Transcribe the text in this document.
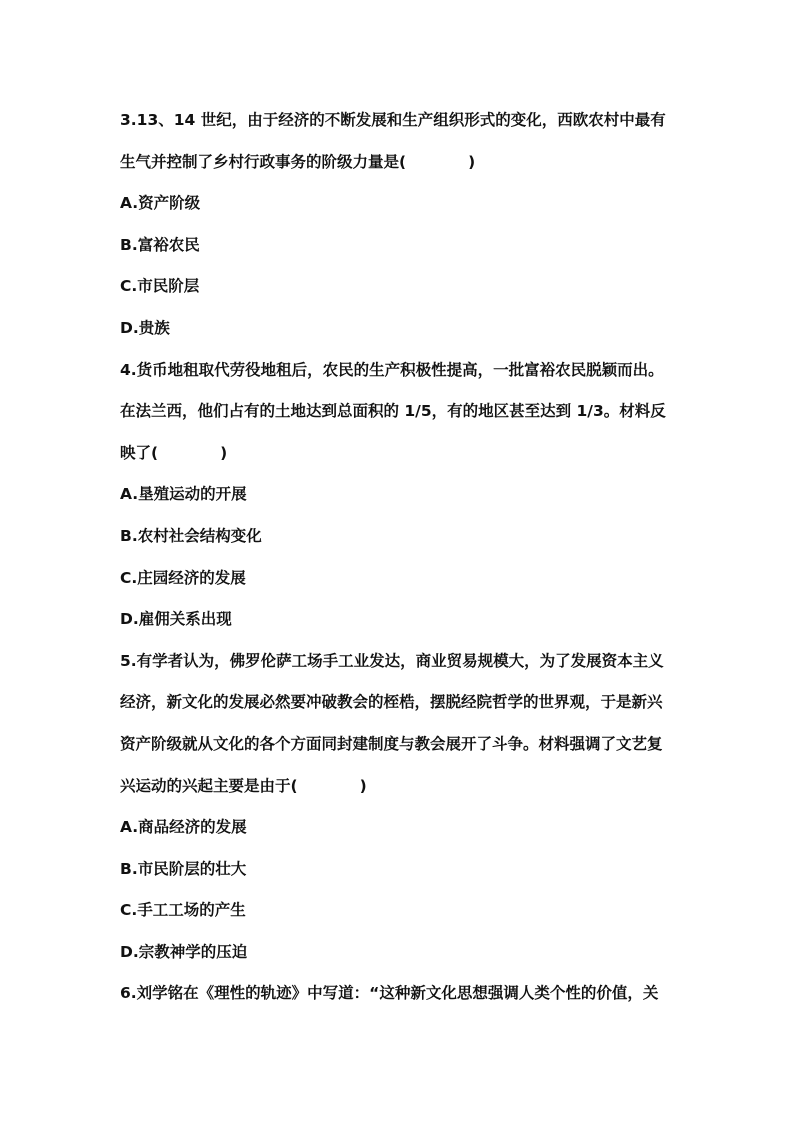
3.13、14 世纪，由于经济的不断发展和生产组织形式的变化，西欧农村中最有
生气并控制了乡村行政事务的阶级力量是(　　　　)
A.资产阶级
B.富裕农民
C.市民阶层
D.贵族
4.货币地租取代劳役地租后，农民的生产积极性提高，一批富裕农民脱颖而出。
在法兰西，他们占有的土地达到总面积的 1/5，有的地区甚至达到 1/3。材料反
映了(　　　　)
A.垦殖运动的开展
B.农村社会结构变化
C.庄园经济的发展
D.雇佣关系出现
5.有学者认为，佛罗伦萨工场手工业发达，商业贸易规模大，为了发展资本主义
经济，新文化的发展必然要冲破教会的桎梏，摆脱经院哲学的世界观，于是新兴
资产阶级就从文化的各个方面同封建制度与教会展开了斗争。材料强调了文艺复
兴运动的兴起主要是由于(　　　　)
A.商品经济的发展
B.市民阶层的壮大
C.手工工场的产生
D.宗教神学的压迫
6.刘学铭在《理性的轨迹》中写道：“这种新文化思想强调人类个性的价值，关
